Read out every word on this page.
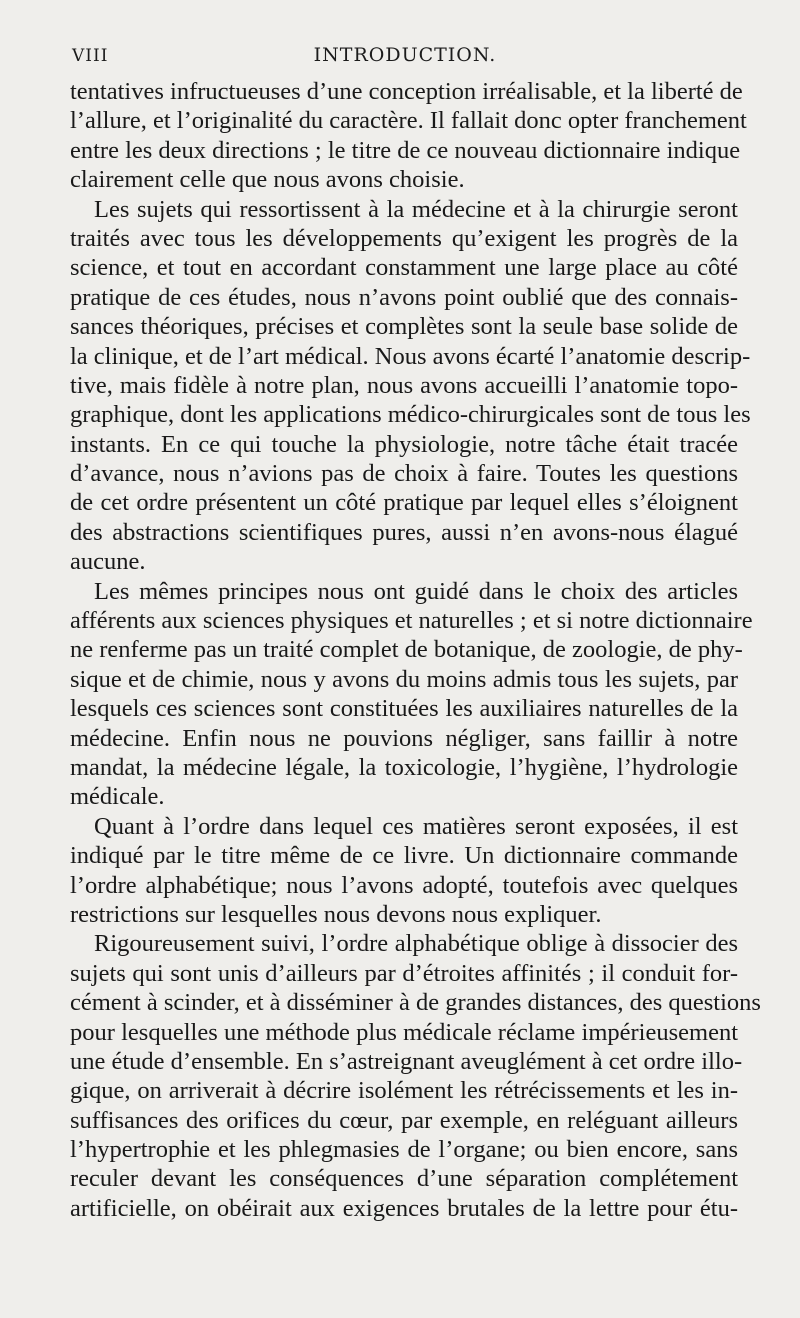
VIII	INTRODUCTION.

tentatives infructueuses d’une conception irréalisable, et la liberté de
l’allure, et l’originalité du caractère. Il fallait donc opter franchement
entre les deux directions ; le titre de ce nouveau dictionnaire indique
clairement celle que nous avons choisie.

Les sujets qui ressortissent à la médecine et à la chirurgie seront
traités avec tous les développements qu’exigent les progrès de la
science, et tout en accordant constamment une large place au côté
pratique de ces études, nous n’avons point oublié que des connais-
sances théoriques, précises et complètes sont la seule base solide de
la clinique, et de l’art médical. Nous avons écarté l’anatomie descrip-
tive, mais fidèle à notre plan, nous avons accueilli l’anatomie topo-
graphique, dont les applications médico-chirurgicales sont de tous les
instants. En ce qui touche la physiologie, notre tâche était tracée
d’avance, nous n’avions pas de choix à faire. Toutes les questions
de cet ordre présentent un côté pratique par lequel elles s’éloignent
des abstractions scientifiques pures, aussi n’en avons-nous élagué
aucune.

Les mêmes principes nous ont guidé dans le choix des articles
afférents aux sciences physiques et naturelles ; et si notre dictionnaire
ne renferme pas un traité complet de botanique, de zoologie, de phy-
sique et de chimie, nous y avons du moins admis tous les sujets, par
lesquels ces sciences sont constituées les auxiliaires naturelles de la
médecine. Enfin nous ne pouvions négliger, sans faillir à notre
mandat, la médecine légale, la toxicologie, l’hygiène, l’hydrologie
médicale.

Quant à l’ordre dans lequel ces matières seront exposées, il est
indiqué par le titre même de ce livre. Un dictionnaire commande
l’ordre alphabétique; nous l’avons adopté, toutefois avec quelques
restrictions sur lesquelles nous devons nous expliquer.

Rigoureusement suivi, l’ordre alphabétique oblige à dissocier des
sujets qui sont unis d’ailleurs par d’étroites affinités ; il conduit for-
cément à scinder, et à disséminer à de grandes distances, des questions
pour lesquelles une méthode plus médicale réclame impérieusement
une étude d’ensemble. En s’astreignant aveuglément à cet ordre illo-
gique, on arriverait à décrire isolément les rétrécissements et les in-
suffisances des orifices du cœur, par exemple, en reléguant ailleurs
l’hypertrophie et les phlegmasies de l’organe; ou bien encore, sans
reculer devant les conséquences d’une séparation complétement
artificielle, on obéirait aux exigences brutales de la lettre pour étu-
